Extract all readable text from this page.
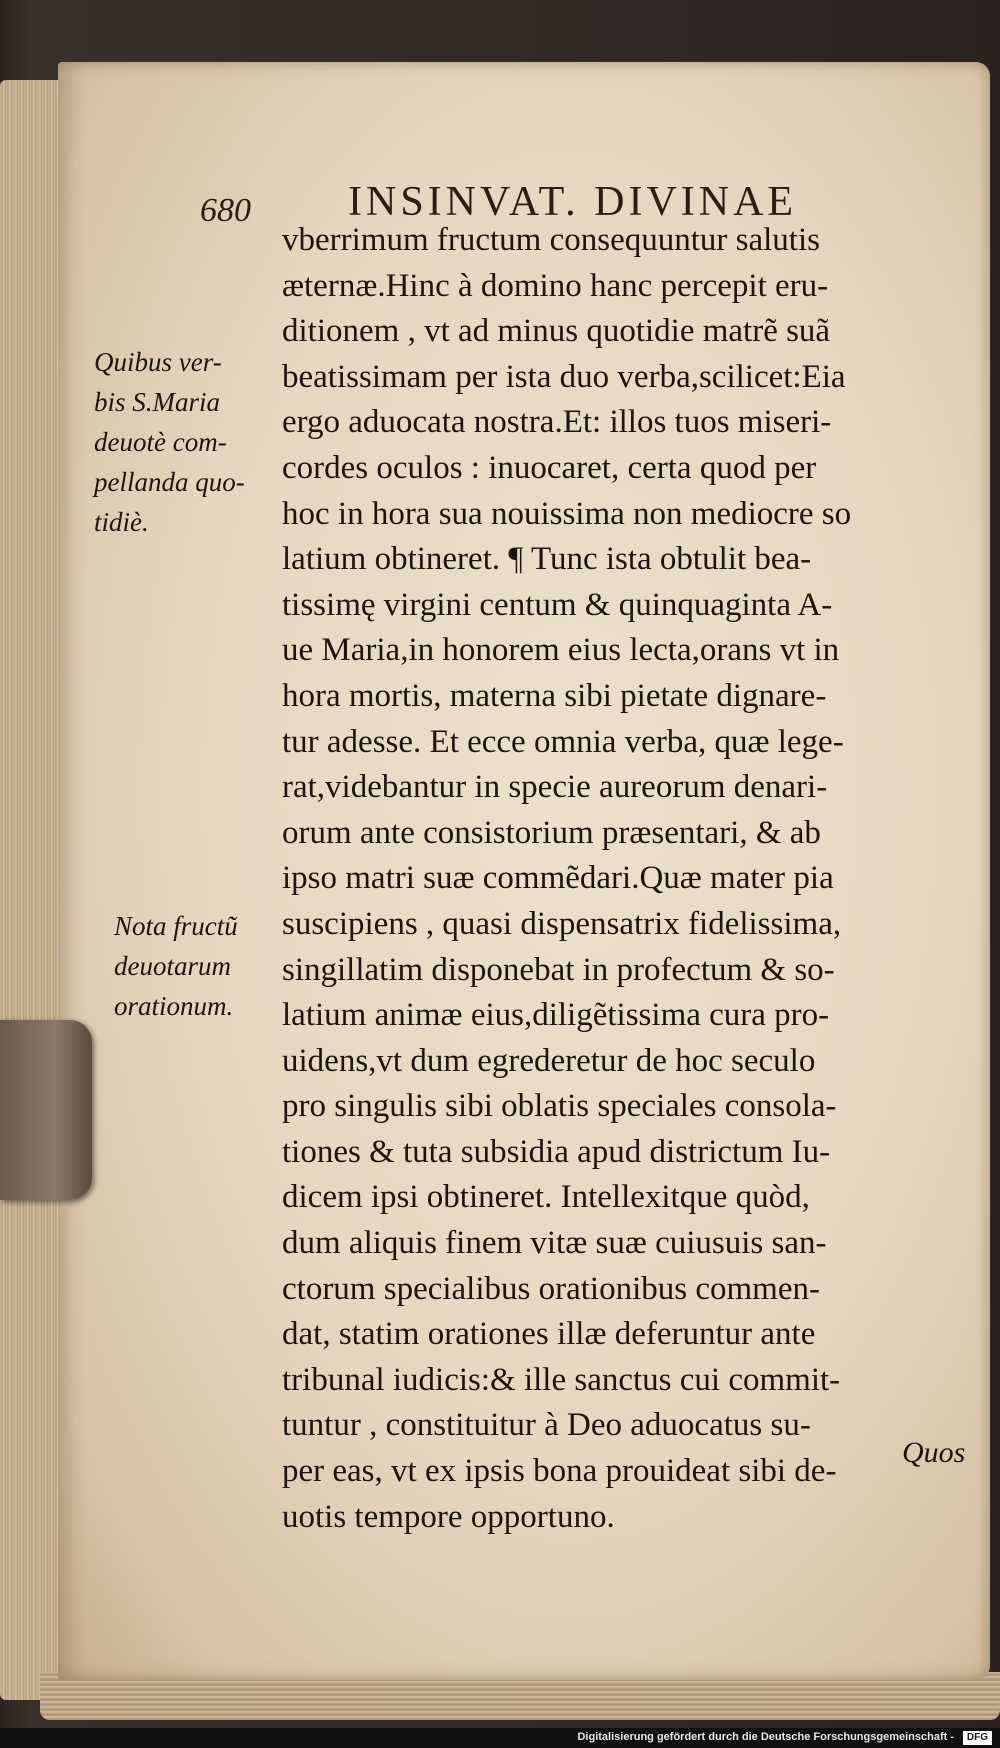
680 INSINVAT. DIVINAE
Quibus ver-
bis S.Maria
deuotè com-
pellanda quo-
tidiè.
Nota fructũ
deuotarum
orationum.
vberrimum fructum consequuntur salutis
æternæ.Hinc à domino hanc percepit eru-
ditionem , vt ad minus quotidie matrẽ suã
beatissimam per ista duo verba,scilicet:Eia
ergo aduocata nostra.Et: illos tuos miseri-
cordes oculos : inuocaret, certa quod per
hoc in hora sua nouissima non mediocre so
latium obtineret. ¶ Tunc ista obtulit bea-
tissimę virgini centum & quinquaginta A-
ue Maria,in honorem eius lecta,orans vt in
hora mortis, materna sibi pietate dignare-
tur adesse. Et ecce omnia verba, quæ lege-
rat,videbantur in specie aureorum denari-
orum ante consistorium præsentari, & ab
ipso matri suæ commẽdari.Quæ mater pia
suscipiens , quasi dispensatrix fidelissima,
singillatim disponebat in profectum & so-
latium animæ eius,diligẽtissima cura pro-
uidens,vt dum egrederetur de hoc seculo
pro singulis sibi oblatis speciales consola-
tiones & tuta subsidia apud districtum Iu-
dicem ipsi obtineret. Intellexitque quòd,
dum aliquis finem vitæ suæ cuiusuis san-
ctorum specialibus orationibus commen-
dat, statim orationes illæ deferuntur ante
tribunal iudicis:& ille sanctus cui commit-
tuntur , constituitur à Deo aduocatus su-
per eas, vt ex ipsis bona prouideat sibi de-
uotis tempore opportuno.
Quos
Digitalisierung gefördert durch die Deutsche Forschungsgemeinschaft -	DFG
